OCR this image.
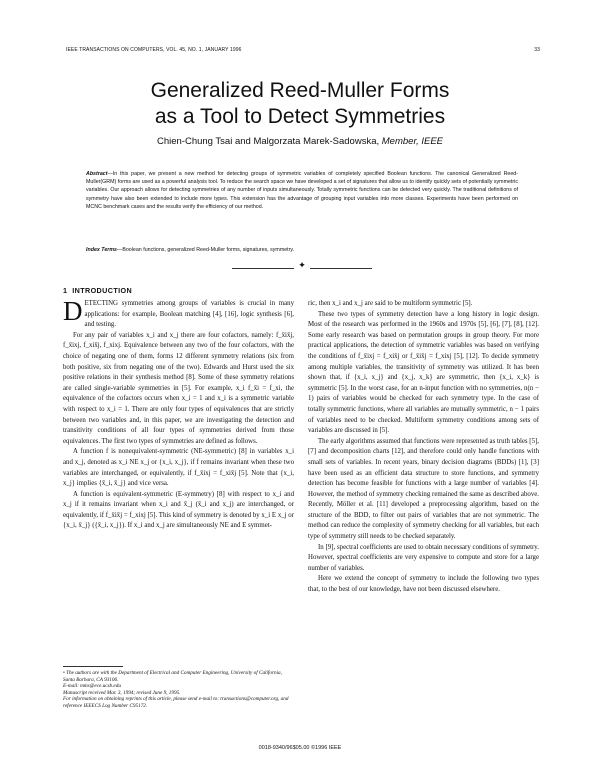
IEEE TRANSACTIONS ON COMPUTERS, VOL. 45, NO. 1, JANUARY 1996	33
Generalized Reed-Muller Forms
as a Tool to Detect Symmetries
Chien-Chung Tsai and Malgorzata Marek-Sadowska, Member, IEEE
Abstract—In this paper, we present a new method for detecting groups of symmetric variables of completely specified Boolean functions. The canonical Generalized Reed-Muller(GRM) forms are used as a powerful analysis tool. To reduce the search space we have developed a set of signatures that allow us to identify quickly sets of potentially symmetric variables. Our approach allows for detecting symmetries of any number of inputs simultaneously. Totally symmetric functions can be detected very quickly. The traditional definitions of symmetry have also been extended to include more types. This extension has the advantage of grouping input variables into more classes. Experiments have been performed on MCNC benchmark cases and the results verify the efficiency of our method.
Index Terms—Boolean functions, generalized Reed-Muller forms, signatures, symmetry.
✦
1 INTRODUCTION

DETECTING symmetries among groups of variables is crucial in many applications: for example, Boolean matching [4], [16], logic synthesis [6], and testing.

For any pair of variables x_i and x_j there are four cofactors, namely: f_x̄ix̄j, f_x̄ixj, f_xix̄j, f_xixj. Equivalence between any two of the four cofactors, with the choice of negating one of them, forms 12 different symmetry relations (six from both positive, six from negating one of the two). Edwards and Hurst used the six positive relations in their synthesis method [8]. Some of these symmetry relations are called single-variable symmetries in [5]. For example, x_i f_x̄i = f_xi, the equivalence of the cofactors occurs when x_i = 1 and x_i is a symmetric variable with respect to x_i = 1. There are only four types of equivalences that are strictly between two variables and, in this paper, we are investigating the detection and transitivity conditions of all four types of symmetries derived from those equivalences. The first two types of symmetries are defined as follows.

A function f is nonequivalent-symmetric (NE-symmetric) [8] in variables x_i and x_j, denoted as x_i NE x_j or {x_i, x_j}, if f remains invariant when these two variables are interchanged, or equivalently, if f_x̄ixj = f_xix̄j [5]. Note that {x_i, x_j} implies {x̄_i, x̄_j} and vice versa.

A function is equivalent-symmetric (E-symmetry) [8] with respect to x_i and x_j if it remains invariant when x_i and x̄_j (x̄_i and x_j) are interchanged, or equivalently, if f_x̄ix̄j = f_xixj [5]. This kind of symmetry is denoted by x_i E x_j or {x_i, x̄_j} ({x̄_i, x_j}). If x_i and x_j are simultaneously NE and E symmet-

• The authors are with the Department of Electrical and Computer Engineering, University of California, Santa Barbara, CA 93106.
E-mail: mms@ece.ucsb.edu
Manuscript received Mar. 3, 1994; revised June 9, 1995.
For information on obtaining reprints of this article, please send e-mail to: transactions@computer.org, and reference IEEECS Log Number C95172.

ric, then x_i and x_j are said to be multiform symmetric [5].

These two types of symmetry detection have a long history in logic design. Most of the research was performed in the 1960s and 1970s [5], [6], [7], [8], [12]. Some early research was based on permutation groups in group theory. For more practical applications, the detection of symmetric variables was based on verifying the conditions of f_x̄ixj = f_xix̄j or f_x̄ix̄j = f_xixj [5], [12]. To decide symmetry among multiple variables, the transitivity of symmetry was utilized. It has been shown that, if {x_i, x_j} and {x_j, x_k} are symmetric, then {x_i, x_k} is symmetric [5]. In the worst case, for an n-input function with no symmetries, n(n − 1) pairs of variables would be checked for each symmetry type. In the case of totally symmetric functions, where all variables are mutually symmetric, n − 1 pairs of variables need to be checked. Multiform symmetry conditions among sets of variables are discussed in [5].

The early algorithms assumed that functions were represented as truth tables [5], [7] and decomposition charts [12], and therefore could only handle functions with small sets of variables. In recent years, binary decision diagrams (BDDs) [1], [3] have been used as an efficient data structure to store functions, and symmetry detection has become feasible for functions with a large number of variables [4]. However, the method of symmetry checking remained the same as described above. Recently, Möller et al. [11] developed a preprocessing algorithm, based on the structure of the BDD, to filter out pairs of variables that are not symmetric. The method can reduce the complexity of symmetry checking for all variables, but each type of symmetry still needs to be checked separately.

In [9], spectral coefficients are used to obtain necessary conditions of symmetry. However, spectral coefficients are very expensive to compute and store for a large number of variables.

Here we extend the concept of symmetry to include the following two types that, to the best of our knowledge, have not been discussed elsewhere.

0018-9340/96$05.00 ©1996 IEEE
